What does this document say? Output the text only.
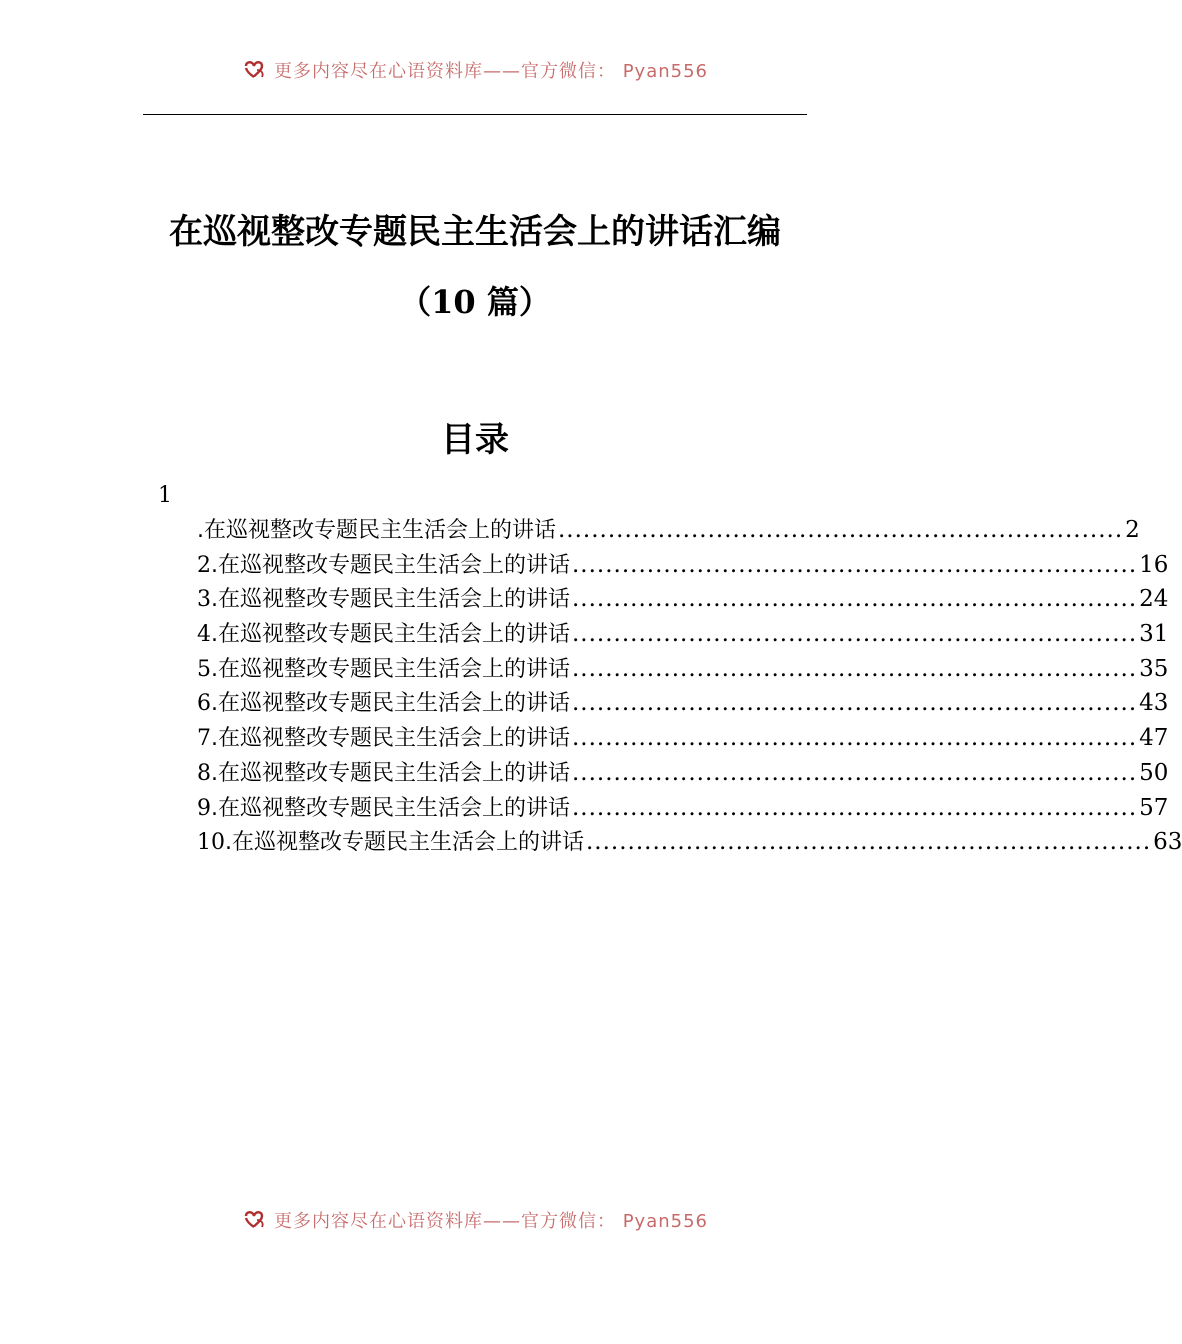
更多内容尽在心语资料库——官方微信： Pyan556
在巡视整改专题民主生活会上的讲话汇编
（10 篇）
目录
1
.在巡视整改专题民主生活会上的讲话 .................................................................... 2
2.在巡视整改专题民主生活会上的讲话 .................................................................... 16
3.在巡视整改专题民主生活会上的讲话 .................................................................... 24
4.在巡视整改专题民主生活会上的讲话 .................................................................... 31
5.在巡视整改专题民主生活会上的讲话 .................................................................... 35
6.在巡视整改专题民主生活会上的讲话 .................................................................... 43
7.在巡视整改专题民主生活会上的讲话 .................................................................... 47
8.在巡视整改专题民主生活会上的讲话 .................................................................... 50
9.在巡视整改专题民主生活会上的讲话 .................................................................... 57
10.在巡视整改专题民主生活会上的讲话 .................................................................... 63
更多内容尽在心语资料库——官方微信： Pyan556
